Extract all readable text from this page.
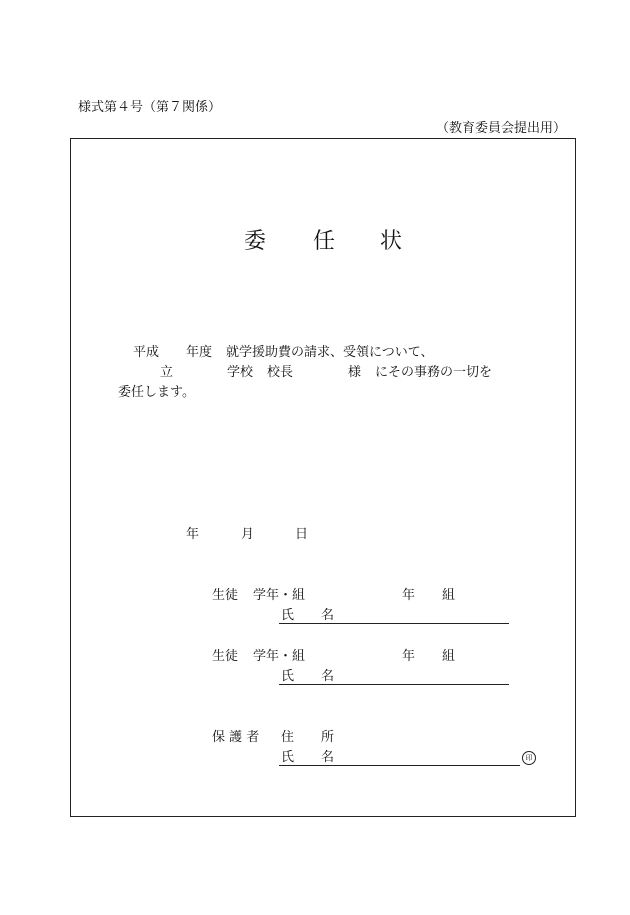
様式第４号（第７関係）
（教育委員会提出用）
委 任 状
平成 年度 就学援助費の請求、受領について、
立	学校 校長	様 にその事務の一切を
委任します。
年	月	日
生徒 学年・組	年 組
氏 名
生徒 学年・組	年 組
氏 名
保 護 者 住 所
氏 名	印
